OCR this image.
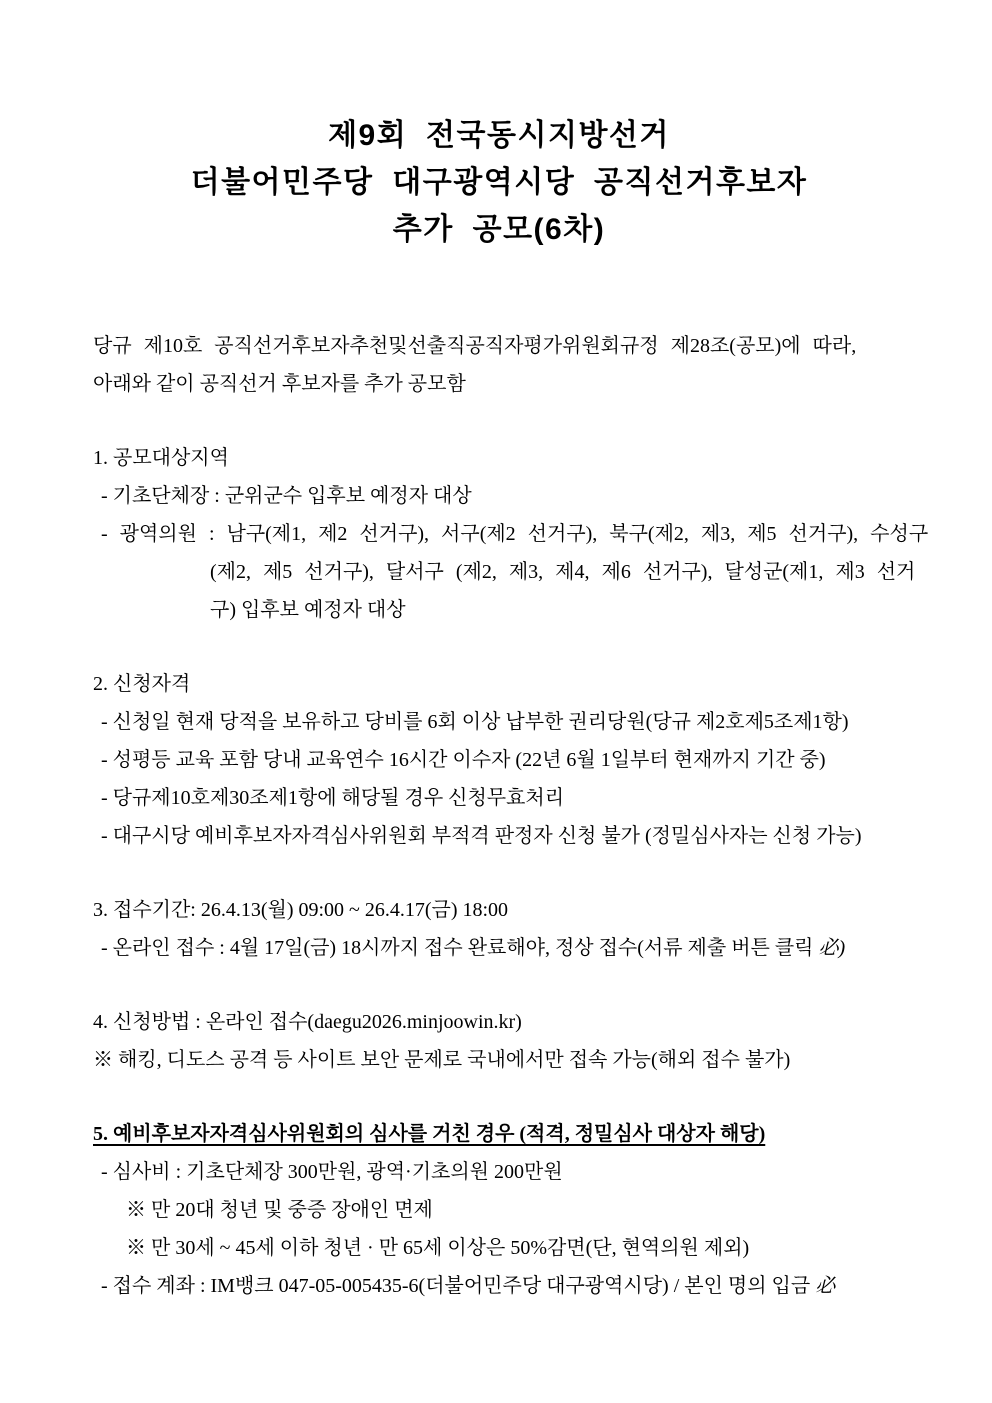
제9회 전국동시지방선거
더불어민주당 대구광역시당 공직선거후보자
추가 공모(6차)
당규 제10호 공직선거후보자추천및선출직공직자평가위원회규정 제28조(공모)에 따라,
아래와 같이 공직선거 후보자를 추가 공모함
1. 공모대상지역
- 기초단체장 : 군위군수 입후보 예정자 대상
- 광역의원 : 남구(제1, 제2 선거구), 서구(제2 선거구), 북구(제2, 제3, 제5 선거구), 수성구
(제2, 제5 선거구), 달서구 (제2, 제3, 제4, 제6 선거구), 달성군(제1, 제3 선거
구) 입후보 예정자 대상
2. 신청자격
- 신청일 현재 당적을 보유하고 당비를 6회 이상 납부한 권리당원(당규 제2호제5조제1항)
- 성평등 교육 포함 당내 교육연수 16시간 이수자 (22년 6월 1일부터 현재까지 기간 중)
- 당규제10호제30조제1항에 해당될 경우 신청무효처리
- 대구시당 예비후보자자격심사위원회 부적격 판정자 신청 불가 (정밀심사자는 신청 가능)
3. 접수기간: 26.4.13(월) 09:00 ~ 26.4.17(금) 18:00
- 온라인 접수 : 4월 17일(금) 18시까지 접수 완료해야, 정상 접수(서류 제출 버튼 클릭 必)
4. 신청방법 : 온라인 접수(daegu2026.minjoowin.kr)
※ 해킹, 디도스 공격 등 사이트 보안 문제로 국내에서만 접속 가능(해외 접수 불가)
5. 예비후보자자격심사위원회의 심사를 거친 경우 (적격, 정밀심사 대상자 해당)
- 심사비 : 기초단체장 300만원, 광역·기초의원 200만원
※ 만 20대 청년 및 중증 장애인 면제
※ 만 30세 ~ 45세 이하 청년 · 만 65세 이상은 50%감면(단, 현역의원 제외)
- 접수 계좌 : IM뱅크 047-05-005435-6(더불어민주당 대구광역시당) / 본인 명의 입금 必
